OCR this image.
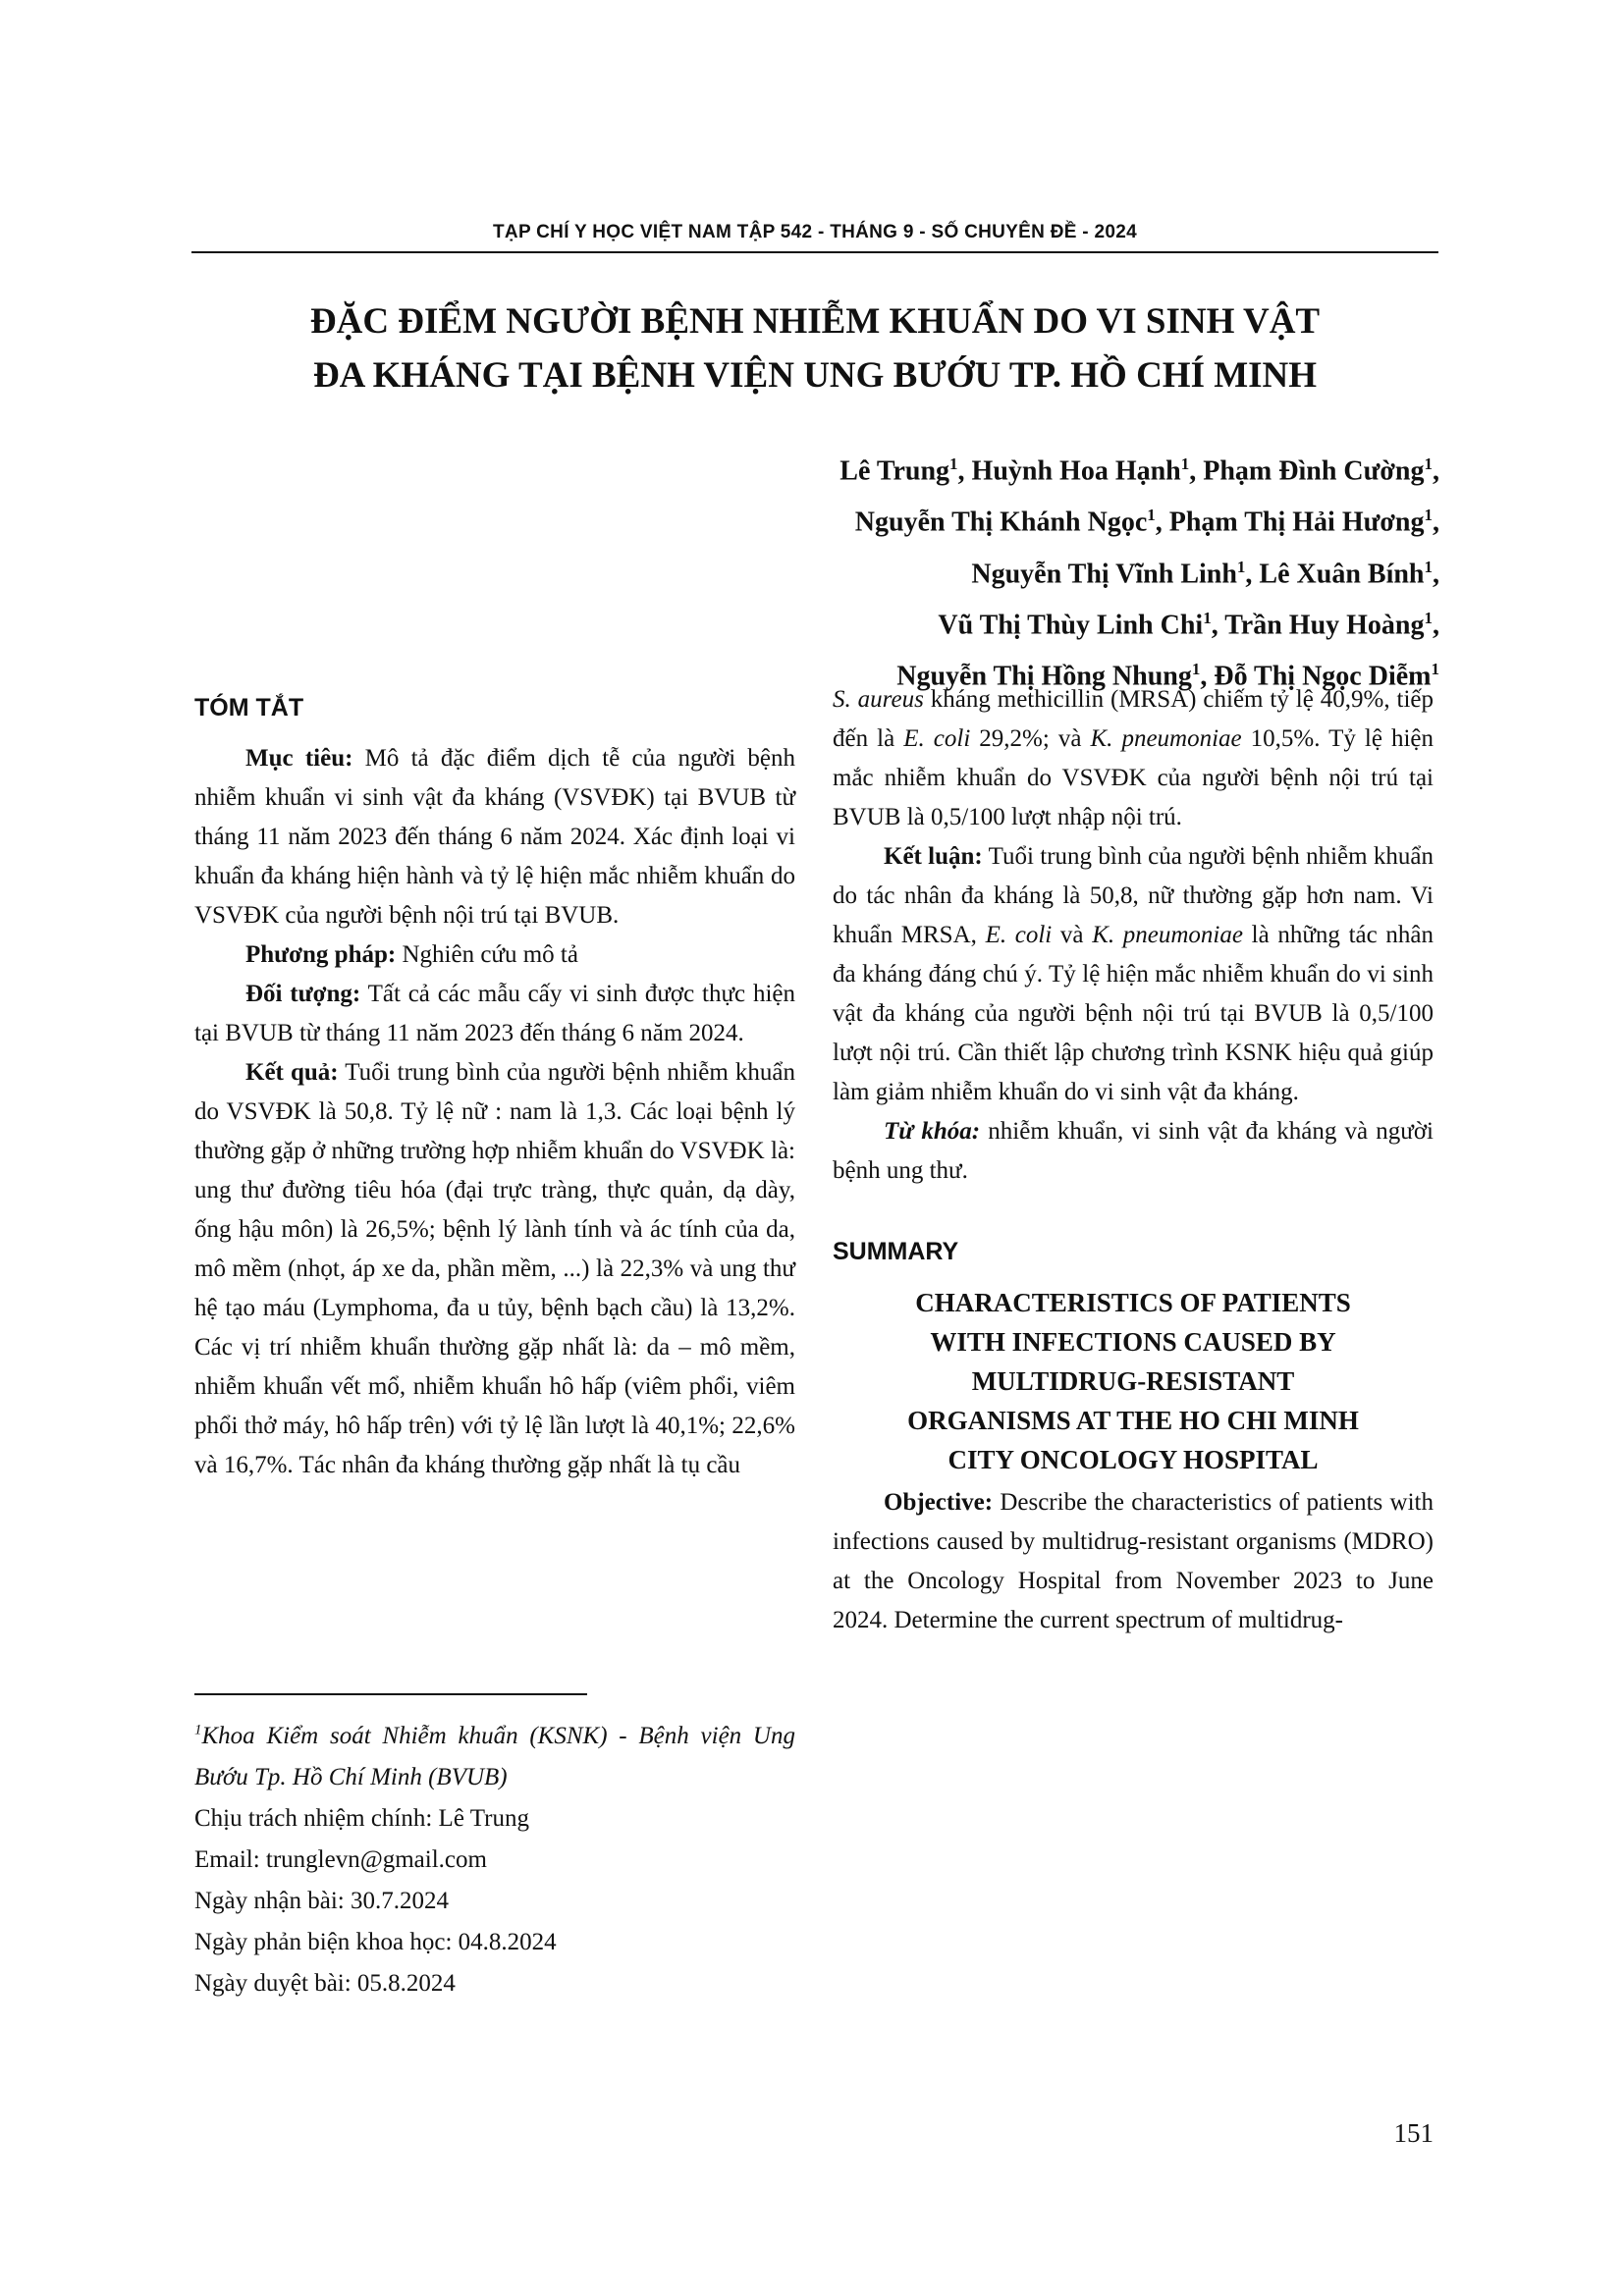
TẠP CHÍ Y HỌC VIỆT NAM TẬP 542 - THÁNG 9 - SỐ CHUYÊN ĐỀ - 2024
ĐẶC ĐIỂM NGƯỜI BỆNH NHIỄM KHUẨN DO VI SINH VẬT
ĐA KHÁNG TẠI BỆNH VIỆN UNG BƯỚU TP. HỒ CHÍ MINH
Lê Trung$^1$, Huỳnh Hoa Hạnh$^1$, Phạm Đình Cường$^1$,
Nguyễn Thị Khánh Ngọc$^1$, Phạm Thị Hải Hương$^1$,
Nguyễn Thị Vĩnh Linh$^1$, Lê Xuân Bính$^1$,
Vũ Thị Thùy Linh Chi$^1$, Trần Huy Hoàng$^1$,
Nguyễn Thị Hồng Nhung$^1$, Đỗ Thị Ngọc Diễm$^1$
TÓM TẮT

Mục tiêu: Mô tả đặc điểm dịch tễ của người bệnh nhiễm khuẩn vi sinh vật đa kháng (VSVĐK) tại BVUB từ tháng 11 năm 2023 đến tháng 6 năm 2024. Xác định loại vi khuẩn đa kháng hiện hành và tỷ lệ hiện mắc nhiễm khuẩn do VSVĐK của người bệnh nội trú tại BVUB.

Phương pháp: Nghiên cứu mô tả

Đối tượng: Tất cả các mẫu cấy vi sinh được thực hiện tại BVUB từ tháng 11 năm 2023 đến tháng 6 năm 2024.

Kết quả: Tuổi trung bình của người bệnh nhiễm khuẩn do VSVĐK là 50,8. Tỷ lệ nữ : nam là 1,3. Các loại bệnh lý thường gặp ở những trường hợp nhiễm khuẩn do VSVĐK là: ung thư đường tiêu hóa (đại trực tràng, thực quản, dạ dày, ống hậu môn) là 26,5%; bệnh lý lành tính và ác tính của da, mô mềm (nhọt, áp xe da, phần mềm, ...) là 22,3% và ung thư hệ tạo máu (Lymphoma, đa u tủy, bệnh bạch cầu) là 13,2%. Các vị trí nhiễm khuẩn thường gặp nhất là: da – mô mềm, nhiễm khuẩn vết mổ, nhiễm khuẩn hô hấp (viêm phổi, viêm phổi thở máy, hô hấp trên) với tỷ lệ lần lượt là 40,1%; 22,6% và 16,7%. Tác nhân đa kháng thường gặp nhất là tụ cầu

$^1$Khoa Kiểm soát Nhiễm khuẩn (KSNK) - Bệnh viện Ung Bướu Tp. Hồ Chí Minh (BVUB)

Chịu trách nhiệm chính: Lê Trung

Email: trunglevn@gmail.com

Ngày nhận bài: 30.7.2024

Ngày phản biện khoa học: 04.8.2024

Ngày duyệt bài: 05.8.2024

S. aureus kháng methicillin (MRSA) chiếm tỷ lệ 40,9%, tiếp đến là E. coli 29,2%; và K. pneumoniae 10,5%. Tỷ lệ hiện mắc nhiễm khuẩn do VSVĐK của người bệnh nội trú tại BVUB là 0,5/100 lượt nhập nội trú.

Kết luận: Tuổi trung bình của người bệnh nhiễm khuẩn do tác nhân đa kháng là 50,8, nữ thường gặp hơn nam. Vi khuẩn MRSA, E. coli và K. pneumoniae là những tác nhân đa kháng đáng chú ý. Tỷ lệ hiện mắc nhiễm khuẩn do vi sinh vật đa kháng của người bệnh nội trú tại BVUB là 0,5/100 lượt nội trú. Cần thiết lập chương trình KSNK hiệu quả giúp làm giảm nhiễm khuẩn do vi sinh vật đa kháng.

Từ khóa: nhiễm khuẩn, vi sinh vật đa kháng và người bệnh ung thư.

SUMMARY
CHARACTERISTICS OF PATIENTS
WITH INFECTIONS CAUSED BY
MULTIDRUG-RESISTANT
ORGANISMS AT THE HO CHI MINH
CITY ONCOLOGY HOSPITAL

Objective: Describe the characteristics of patients with infections caused by multidrug-resistant organisms (MDRO) at the Oncology Hospital from November 2023 to June 2024. Determine the current spectrum of multidrug-

151
